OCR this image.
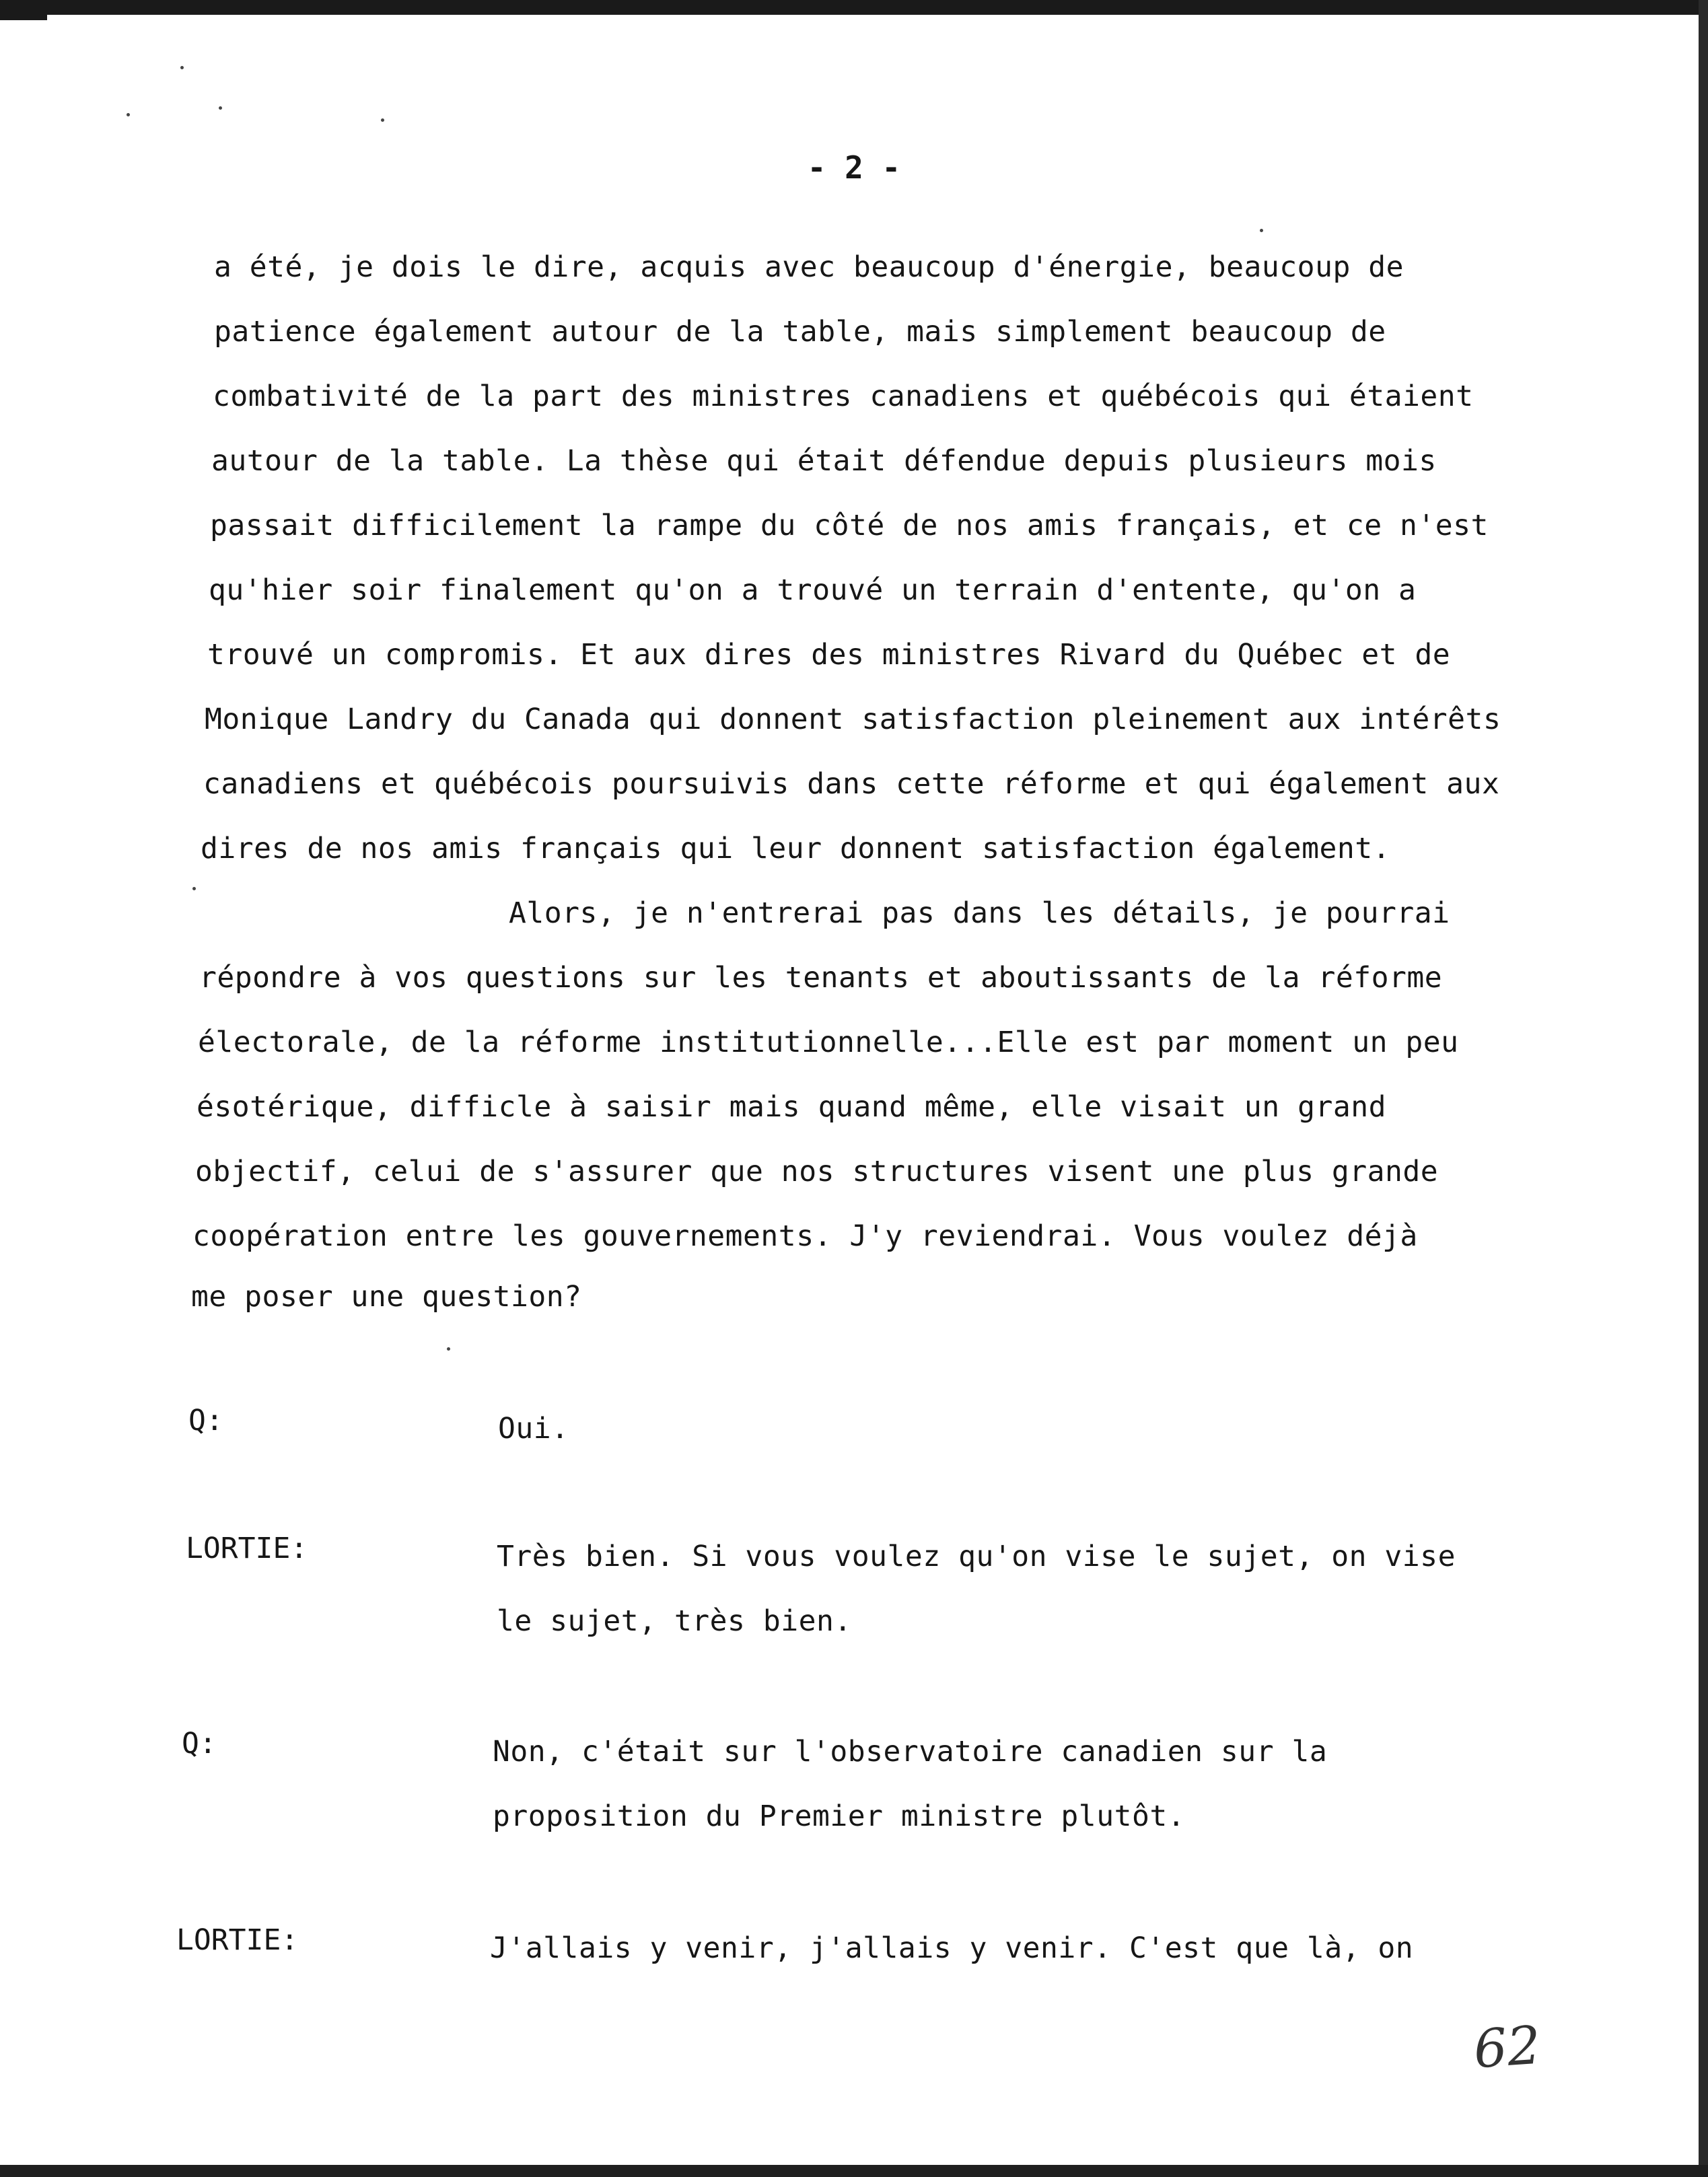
- 2 -
a été, je dois le dire, acquis avec beaucoup d'énergie, beaucoup de
patience également autour de la table, mais simplement beaucoup de
combativité de la part des ministres canadiens et québécois qui étaient
autour de la table. La thèse qui était défendue depuis plusieurs mois
passait difficilement la rampe du côté de nos amis français, et ce n'est
qu'hier soir finalement qu'on a trouvé un terrain d'entente, qu'on a
trouvé un compromis. Et aux dires des ministres Rivard du Québec et de
Monique Landry du Canada qui donnent satisfaction pleinement aux intérêts
canadiens et québécois poursuivis dans cette réforme et qui également aux
dires de nos amis français qui leur donnent satisfaction également.
Alors, je n'entrerai pas dans les détails, je pourrai
répondre à vos questions sur les tenants et aboutissants de la réforme
électorale, de la réforme institutionnelle...Elle est par moment un peu
ésotérique, difficle à saisir mais quand même, elle visait un grand
objectif, celui de s'assurer que nos structures visent une plus grande
coopération entre les gouvernements. J'y reviendrai. Vous voulez déjà
me poser une question?
Q:	Oui.
LORTIE:	Très bien. Si vous voulez qu'on vise le sujet, on vise
le sujet, très bien.
Q:	Non, c'était sur l'observatoire canadien sur la
proposition du Premier ministre plutôt.
LORTIE:	J'allais y venir, j'allais y venir. C'est que là, on
62
